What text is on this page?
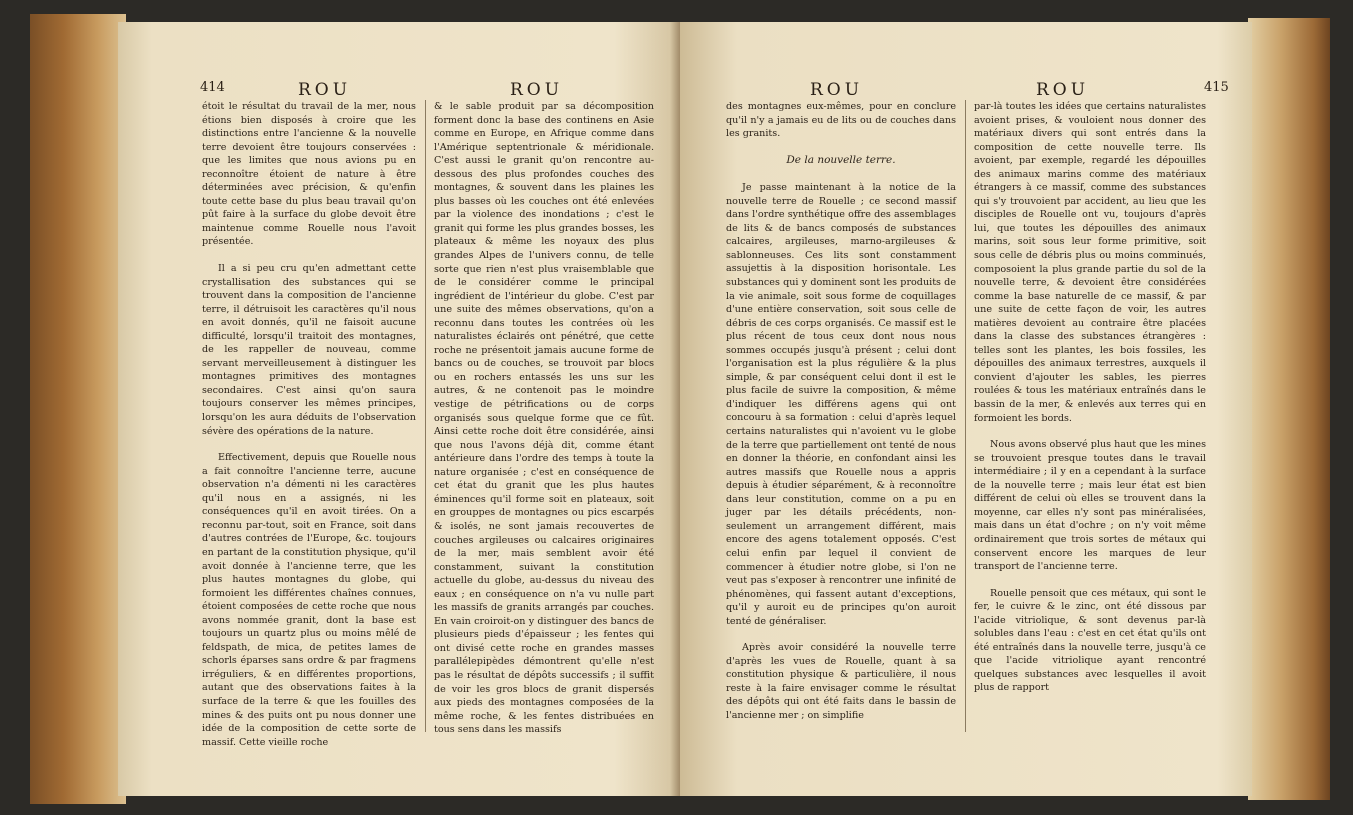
414	ROU	ROU

étoit le résultat du travail de la mer, nous étions bien disposés à croire que les distinctions entre l'ancienne & la nouvelle terre devoient être toujours conservées : que les limites que nous avions pu en reconnoître étoient de nature à être déterminées avec précision, & qu'enfin toute cette base du plus beau travail qu'on pût faire à la surface du globe devoit être maintenue comme Rouelle nous l'avoit présentée.

Il a si peu cru qu'en admettant cette crystallisation des substances qui se trouvent dans la composition de l'ancienne terre, il détruisoit les caractères qu'il nous en avoit donnés, qu'il ne faisoit aucune difficulté, lorsqu'il traitoit des montagnes, de les rappeller de nouveau, comme servant merveilleusement à distinguer les montagnes primitives des montagnes secondaires. C'est ainsi qu'on saura toujours conserver les mêmes principes, lorsqu'on les aura déduits de l'observation sévère des opérations de la nature.

Effectivement, depuis que Rouelle nous a fait connoître l'ancienne terre, aucune observation n'a démenti ni les caractères qu'il nous en a assignés, ni les conséquences qu'il en avoit tirées. On a reconnu par-tout, soit en France, soit dans d'autres contrées de l'Europe, &c. toujours en partant de la constitution physique, qu'il avoit donnée à l'ancienne terre, que les plus hautes montagnes du globe, qui formoient les différentes chaînes connues, étoient composées de cette roche que nous avons nommée granit, dont la base est toujours un quartz plus ou moins mêlé de feldspath, de mica, de petites lames de schorls éparses sans ordre & par fragmens irréguliers, & en différentes proportions, autant que des observations faites à la surface de la terre & que les fouilles des mines & des puits ont pu nous donner une idée de la composition de cette sorte de massif. Cette vieille roche

& le sable produit par sa décomposition forment donc la base des continens en Asie comme en Europe, en Afrique comme dans l'Amérique septentrionale & méridionale. C'est aussi le granit qu'on rencontre au-dessous des plus profondes couches des montagnes, & souvent dans les plaines les plus basses où les couches ont été enlevées par la violence des inondations ; c'est le granit qui forme les plus grandes bosses, les plateaux & même les noyaux des plus grandes Alpes de l'univers connu, de telle sorte que rien n'est plus vraisemblable que de le considérer comme le principal ingrédient de l'intérieur du globe. C'est par une suite des mêmes observations, qu'on a reconnu dans toutes les contrées où les naturalistes éclairés ont pénétré, que cette roche ne présentoit jamais aucune forme de bancs ou de couches, se trouvoit par blocs ou en rochers entassés les uns sur les autres, & ne contenoit pas le moindre vestige de pétrifications ou de corps organisés sous quelque forme que ce fût. Ainsi cette roche doit être considérée, ainsi que nous l'avons déjà dit, comme étant antérieure dans l'ordre des temps à toute la nature organisée ; c'est en conséquence de cet état du granit que les plus hautes éminences qu'il forme soit en plateaux, soit en grouppes de montagnes ou pics escarpés & isolés, ne sont jamais recouvertes de couches argileuses ou calcaires originaires de la mer, mais semblent avoir été constamment, suivant la constitution actuelle du globe, au-dessus du niveau des eaux ; en conséquence on n'a vu nulle part les massifs de granits arrangés par couches. En vain croiroit-on y distinguer des bancs de plusieurs pieds d'épaisseur ; les fentes qui ont divisé cette roche en grandes masses parallélepipèdes démontrent qu'elle n'est pas le résultat de dépôts successifs ; il suffit de voir les gros blocs de granit dispersés aux pieds des montagnes composées de la même roche, & les fentes distribuées en tous sens dans les massifs

ROU	ROU	415

des montagnes eux-mêmes, pour en conclure qu'il n'y a jamais eu de lits ou de couches dans les granits.

De la nouvelle terre.

Je passe maintenant à la notice de la nouvelle terre de Rouelle ; ce second massif dans l'ordre synthétique offre des assemblages de lits & de bancs composés de substances calcaires, argileuses, marno-argileuses & sablonneuses. Ces lits sont constamment assujettis à la disposition horisontale. Les substances qui y dominent sont les produits de la vie animale, soit sous forme de coquillages d'une entière conservation, soit sous celle de débris de ces corps organisés. Ce massif est le plus récent de tous ceux dont nous nous sommes occupés jusqu'à présent ; celui dont l'organisation est la plus régulière & la plus simple, & par conséquent celui dont il est le plus facile de suivre la composition, & même d'indiquer les différens agens qui ont concouru à sa formation : celui d'après lequel certains naturalistes qui n'avoient vu le globe de la terre que partiellement ont tenté de nous en donner la théorie, en confondant ainsi les autres massifs que Rouelle nous a appris depuis à étudier séparément, & à reconnoître dans leur constitution, comme on a pu en juger par les détails précédents, non-seulement un arrangement différent, mais encore des agens totalement opposés. C'est celui enfin par lequel il convient de commencer à étudier notre globe, si l'on ne veut pas s'exposer à rencontrer une infinité de phénomènes, qui fassent autant d'exceptions, qu'il y auroit eu de principes qu'on auroit tenté de généraliser.

Après avoir considéré la nouvelle terre d'après les vues de Rouelle, quant à sa constitution physique & particulière, il nous reste à la faire envisager comme le résultat des dépôts qui ont été faits dans le bassin de l'ancienne mer ; on simplifie

par-là toutes les idées que certains naturalistes avoient prises, & vouloient nous donner des matériaux divers qui sont entrés dans la composition de cette nouvelle terre. Ils avoient, par exemple, regardé les dépouilles des animaux marins comme des matériaux étrangers à ce massif, comme des substances qui s'y trouvoient par accident, au lieu que les disciples de Rouelle ont vu, toujours d'après lui, que toutes les dépouilles des animaux marins, soit sous leur forme primitive, soit sous celle de débris plus ou moins comminués, composoient la plus grande partie du sol de la nouvelle terre, & devoient être considérées comme la base naturelle de ce massif, & par une suite de cette façon de voir, les autres matières devoient au contraire être placées dans la classe des substances étrangères : telles sont les plantes, les bois fossiles, les dépouilles des animaux terrestres, auxquels il convient d'ajouter les sables, les pierres roulées & tous les matériaux entraînés dans le bassin de la mer, & enlevés aux terres qui en formoient les bords.

Nous avons observé plus haut que les mines se trouvoient presque toutes dans le travail intermédiaire ; il y en a cependant à la surface de la nouvelle terre ; mais leur état est bien différent de celui où elles se trouvent dans la moyenne, car elles n'y sont pas minéralisées, mais dans un état d'ochre ; on n'y voit même ordinairement que trois sortes de métaux qui conservent encore les marques de leur transport de l'ancienne terre.

Rouelle pensoit que ces métaux, qui sont le fer, le cuivre & le zinc, ont été dissous par l'acide vitriolique, & sont devenus par-là solubles dans l'eau : c'est en cet état qu'ils ont été entraînés dans la nouvelle terre, jusqu'à ce que l'acide vitriolique ayant rencontré quelques substances avec lesquelles il avoit plus de rapport
